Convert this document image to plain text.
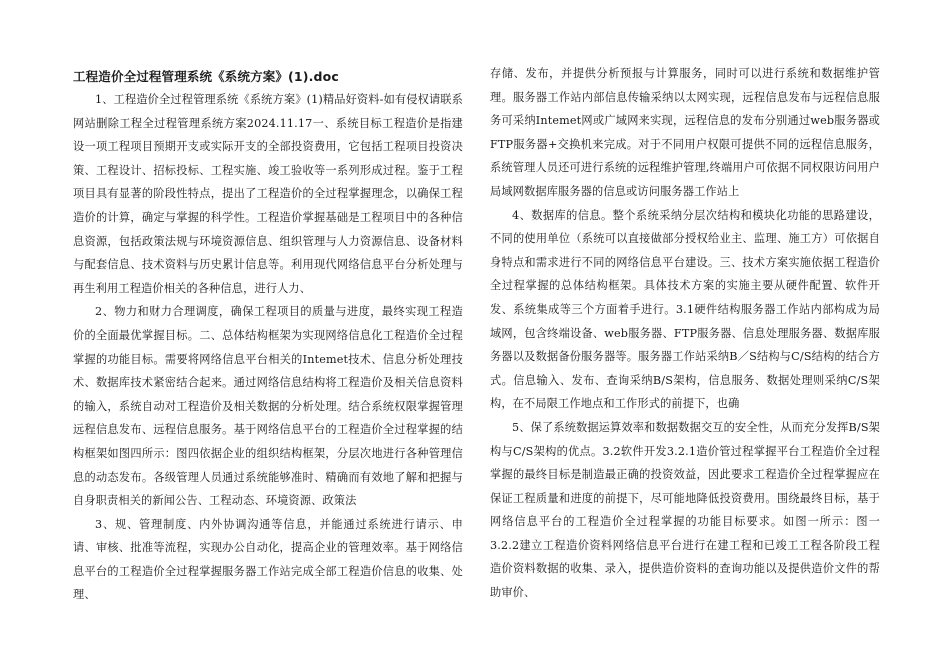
工程造价全过程管理系统《系统方案》(1).doc

1、工程造价全过程管理系统《系统方案》(1)精品好资料-如有侵权请联系网站删除工程全过程管理系统方案2024.11.17一、系统目标工程造价是指建设一项工程项目预期开支或实际开支的全部投资费用，它包括工程项目投资决策、工程设计、招标投标、工程实施、竣工验收等一系列形成过程。鉴于工程项目具有显著的阶段性特点，提出了工程造价的全过程掌握理念，以确保工程造价的计算，确定与掌握的科学性。工程造价掌握基础是工程项目中的各种信息资源，包括政策法规与环境资源信息、组织管理与人力资源信息、设备材料与配套信息、技术资料与历史累计信息等。利用现代网络信息平台分析处理与再生利用工程造价相关的各种信息，进行人力、

2、物力和财力合理调度，确保工程项目的质量与进度，最终实现工程造价的全面最优掌握目标。二、总体结构框架为实现网络信息化工程造价全过程掌握的功能目标。需要将网络信息平台相关的Intemet技术、信息分析处理技术、数据库技术紧密结合起来。通过网络信息结构将工程造价及相关信息资料的输入，系统自动对工程造价及相关数据的分析处理。结合系统权限掌握管理远程信息发布、远程信息服务。基于网络信息平台的工程造价全过程掌握的结构框架如图四所示：图四依据企业的组织结构框架，分层次地进行各种管理信息的动态发布。各级管理人员通过系统能够准时、精确而有效地了解和把握与自身职责相关的新闻公告、工程动态、环境资源、政策法

3、规、管理制度、内外协调沟通等信息，并能通过系统进行请示、申请、审核、批准等流程，实现办公自动化，提高企业的管理效率。基于网络信息平台的工程造价全过程掌握服务器工作站完成全部工程造价信息的收集、处理、

存储、发布，并提供分析预报与计算服务，同时可以进行系统和数据维护管理。服务器工作站内部信息传输采纳以太网实现，远程信息发布与远程信息服务可采纳Intemet网或广域网来实现，远程信息的发布分别通过web服务器或FTP服务器+交换机来完成。对于不同用户权限可提供不同的远程信息服务，系统管理人员还可进行系统的远程维护管理,终端用户可依据不同权限访问用户局域网数据库服务器的信息或访问服务器工作站上

4、数据库的信息。整个系统采纳分层次结构和模块化功能的思路建设，不同的使用单位（系统可以直接做部分授权给业主、监理、施工方）可依据自身特点和需求进行不同的网络信息平台建设。三、技术方案实施依据工程造价全过程掌握的总体结构框架。具体技术方案的实施主要从硬件配置、软件开发、系统集成等三个方面着手进行。3.1硬件结构服务器工作站内部构成为局域网，包含终端设备、web服务器、FTP服务器、信息处理服务器、数据库服务器以及数据备份服务器等。服务器工作站采纳B／S结构与C/S结构的结合方式。信息输入、发布、查询采纳B/S架构，信息服务、数据处理则采纳C/S架构，在不局限工作地点和工作形式的前提下，也确

5、保了系统数据运算效率和数据数据交互的安全性，从而充分发挥B/S架构与C/S架构的优点。3.2软件开发3.2.1造价管过程掌握平台工程造价全过程掌握的最终目标是制造最正确的投资效益，因此要求工程造价全过程掌握应在保证工程质量和进度的前提下，尽可能地降低投资费用。围绕最终目标，基于网络信息平台的工程造价全过程掌握的功能目标要求。如图一所示：图一3.2.2建立工程造价资料网络信息平台进行在建工程和已竣工工程各阶段工程造价资料数据的收集、录入，提供造价资料的查询功能以及提供造价文件的帮助审价、
